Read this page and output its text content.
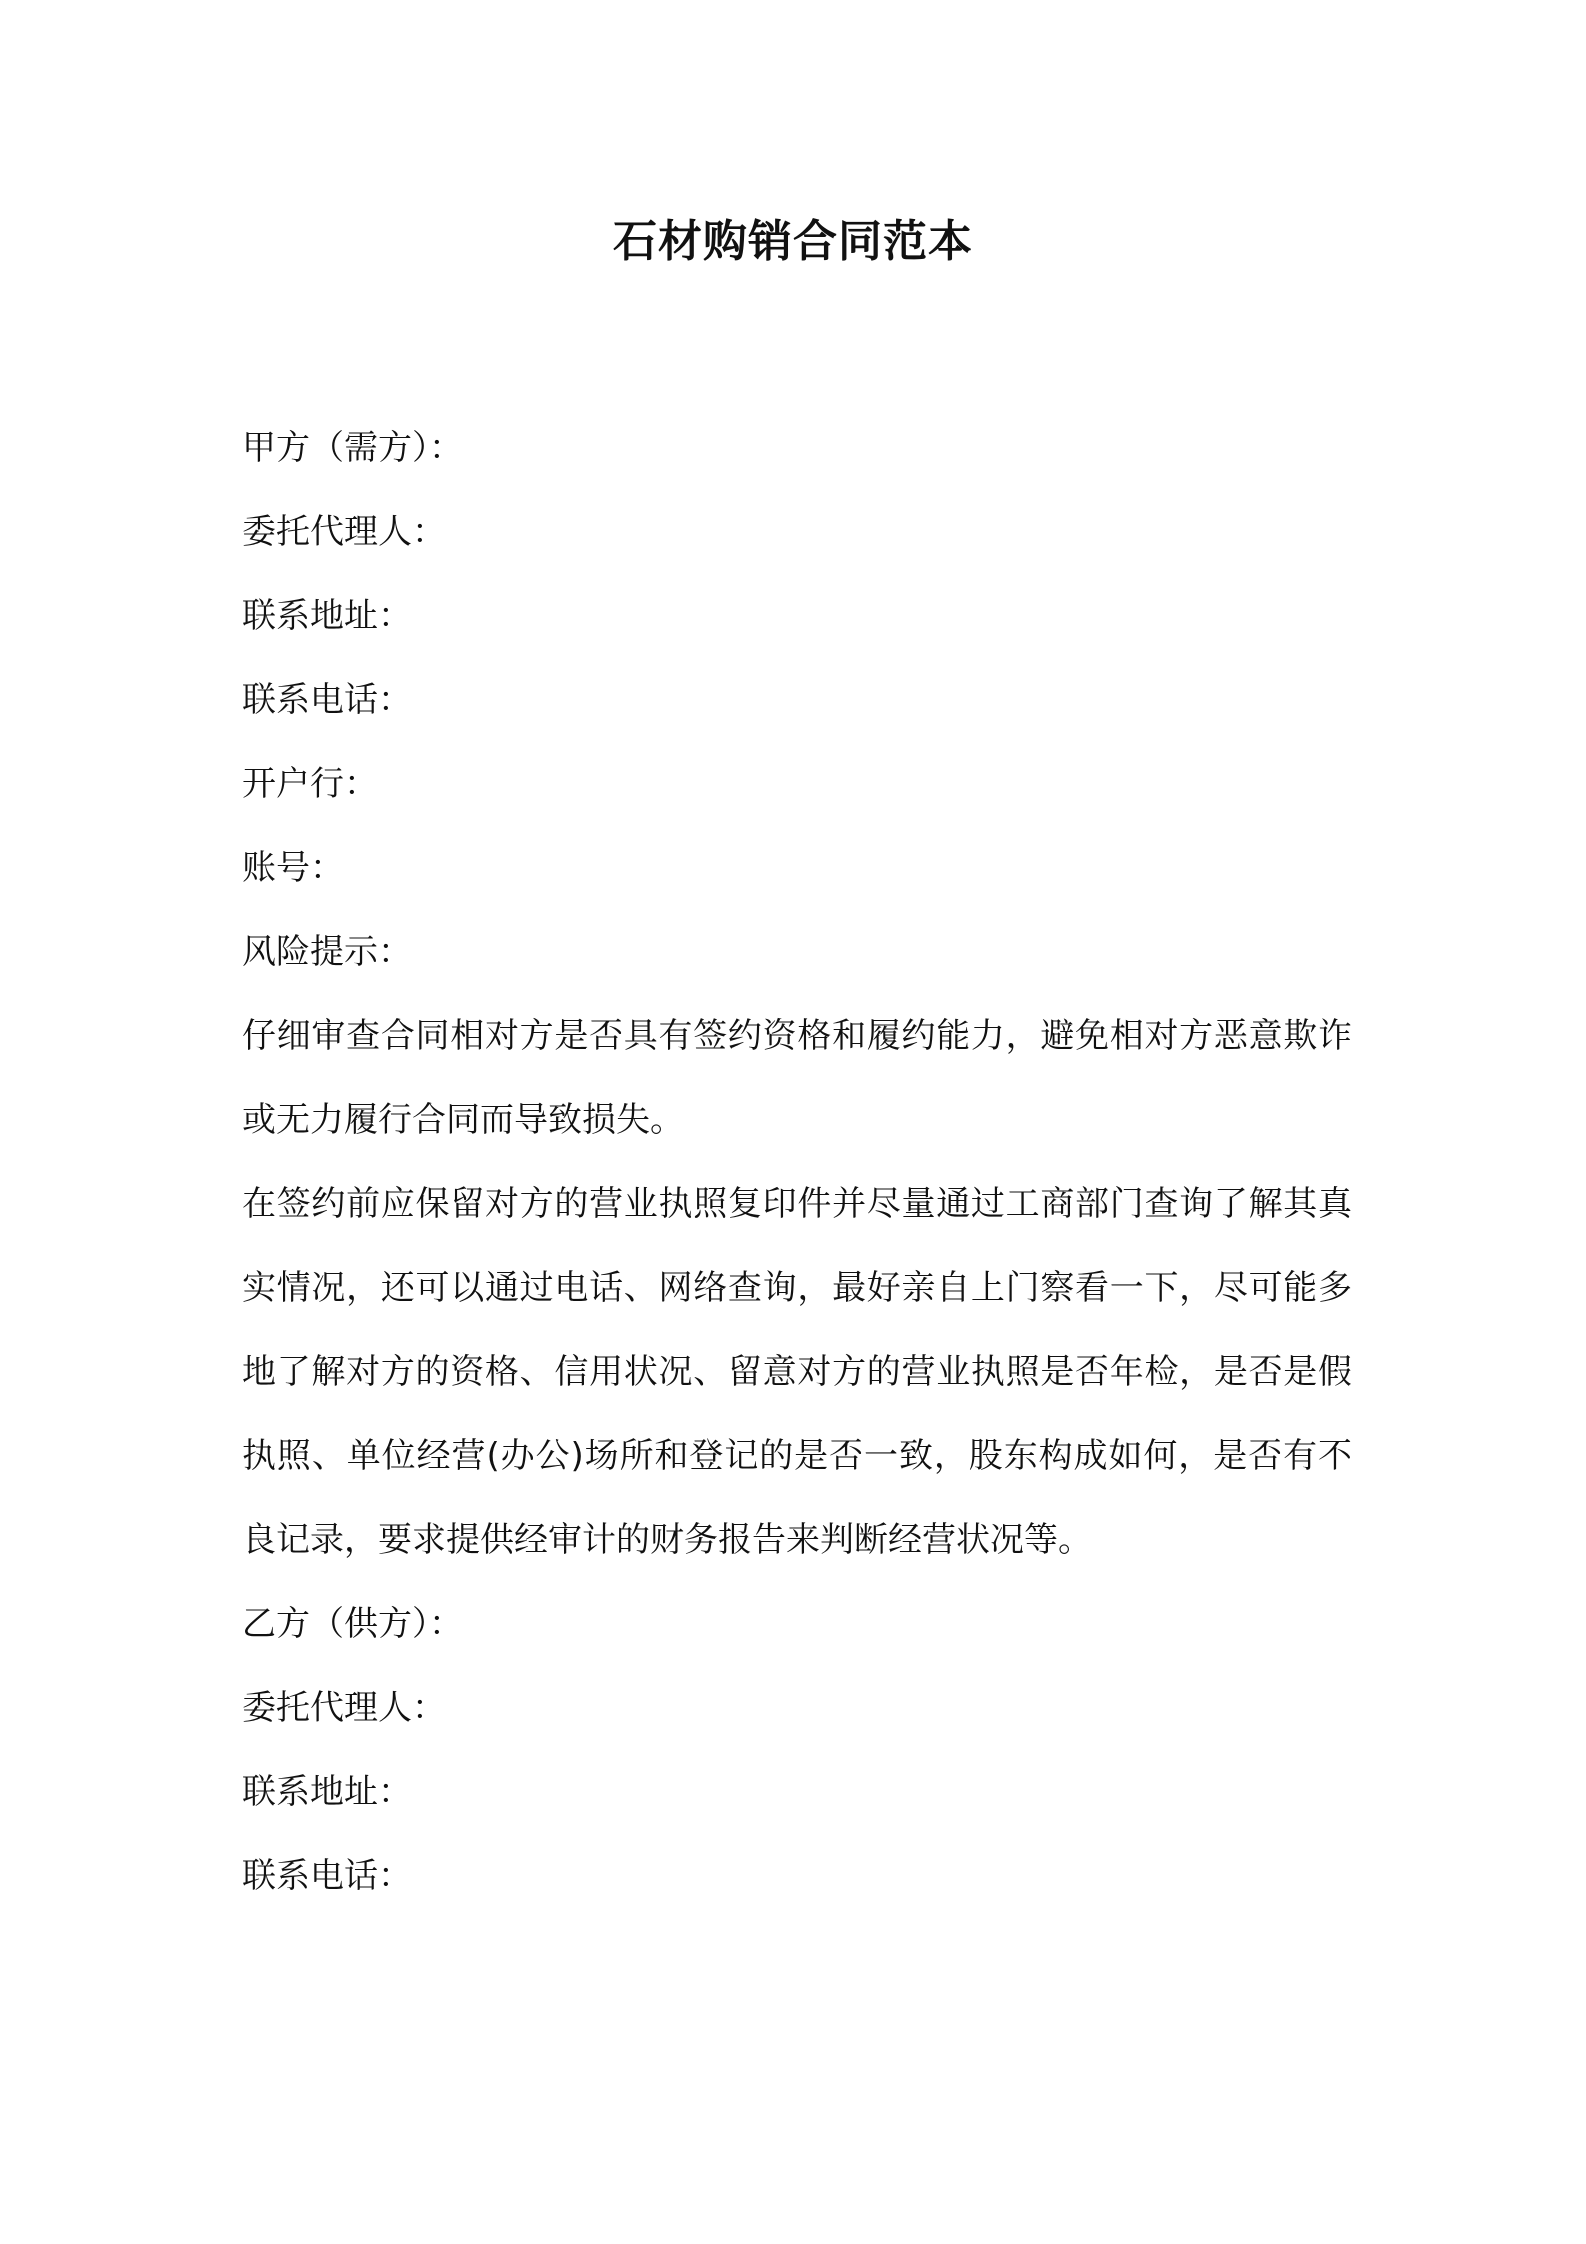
石材购销合同范本
甲方（需方）：
委托代理人：
联系地址：
联系电话：
开户行：
账号：
风险提示：
仔细审查合同相对方是否具有签约资格和履约能力，避免相对方恶意欺诈或无力履行合同而导致损失。
在签约前应保留对方的营业执照复印件并尽量通过工商部门查询了解其真实情况，还可以通过电话、网络查询，最好亲自上门察看一下，尽可能多地了解对方的资格、信用状况、留意对方的营业执照是否年检，是否是假执照、单位经营(办公)场所和登记的是否一致，股东构成如何，是否有不良记录，要求提供经审计的财务报告来判断经营状况等。
乙方（供方）：
委托代理人：
联系地址：
联系电话：
